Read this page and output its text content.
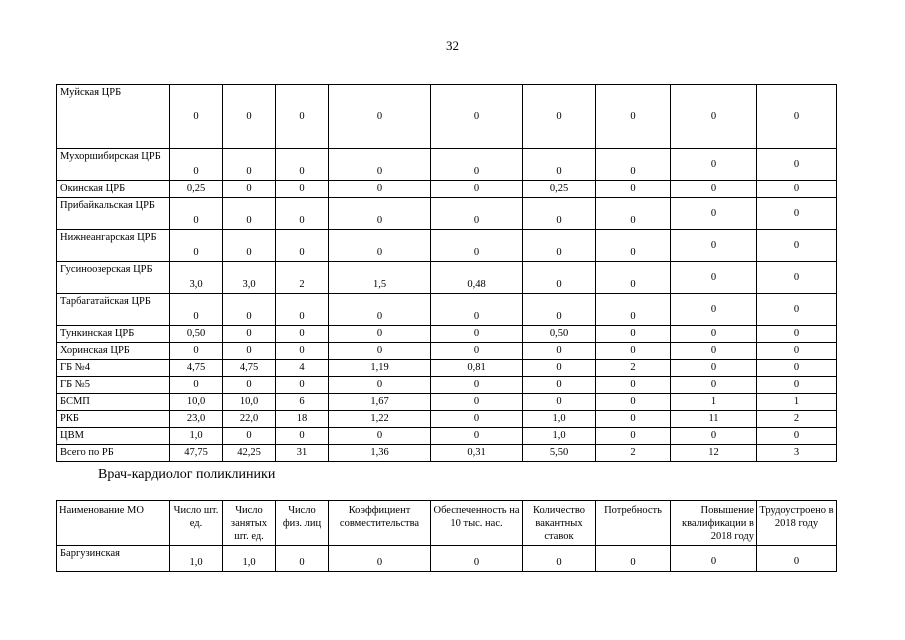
32
Муйская ЦРБ	0	0	0	0	0	0	0	0	0
Мухоршибирская ЦРБ	0	0	0	0	0	0	0	0	0
Окинская ЦРБ	0,25	0	0	0	0	0,25	0	0	0
Прибайкальская ЦРБ	0	0	0	0	0	0	0	0	0
Нижнеангарская ЦРБ	0	0	0	0	0	0	0	0	0
Гусиноозерская ЦРБ	3,0	3,0	2	1,5	0,48	0	0	0	0
Тарбагатайская ЦРБ	0	0	0	0	0	0	0	0	0
Тункинская ЦРБ	0,50	0	0	0	0	0,50	0	0	0
Хоринская ЦРБ	0	0	0	0	0	0	0	0	0
ГБ №4	4,75	4,75	4	1,19	0,81	0	2	0	0
ГБ №5	0	0	0	0	0	0	0	0	0
БСМП	10,0	10,0	6	1,67	0	0	0	1	1
РКБ	23,0	22,0	18	1,22	0	1,0	0	11	2
ЦВМ	1,0	0	0	0	0	1,0	0	0	0
Всего по РБ	47,75	42,25	31	1,36	0,31	5,50	2	12	3
Врач-кардиолог поликлиники
Наименование МО	Число шт. ед.	Число занятых шт. ед.	Число физ. лиц	Коэффициент совместительства	Обеспеченность на 10 тыс. нас.	Количество вакантных ставок	Потребность	Повышение квалификации в 2018 году	Трудоустроено в 2018 году
Баргузинская	1,0	1,0	0	0	0	0	0	0	0
